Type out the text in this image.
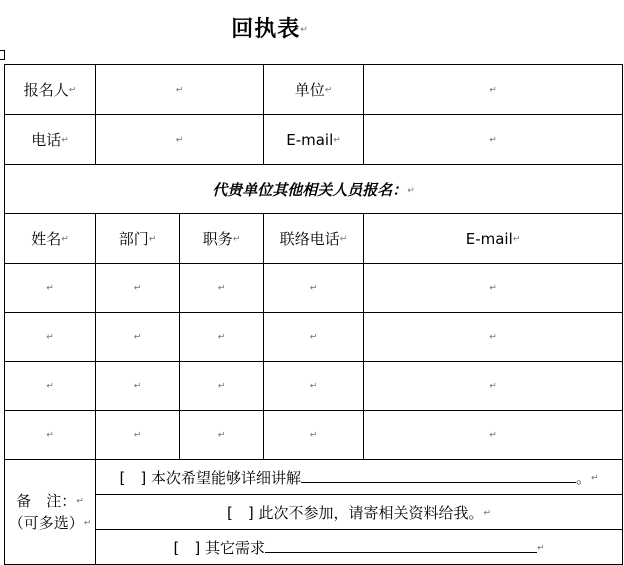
回执表↵
报名人↵	↵		单位↵	↵
电话↵	↵		E-mail↵	↵
代贵单位其他相关人员报名：↵				
姓名↵	部门↵	职务↵	联络电话↵	E-mail↵
↵	↵	↵	↵	↵
↵	↵	↵	↵	↵
↵	↵	↵	↵	↵
↵	↵	↵	↵	↵

备　注：↵
（可多选）↵	[　] 本次希望能够详细讲解 。↵			
	[　] 此次不参加，请寄相关资料给我。↵			
	[　] 其它需求 ↵			
